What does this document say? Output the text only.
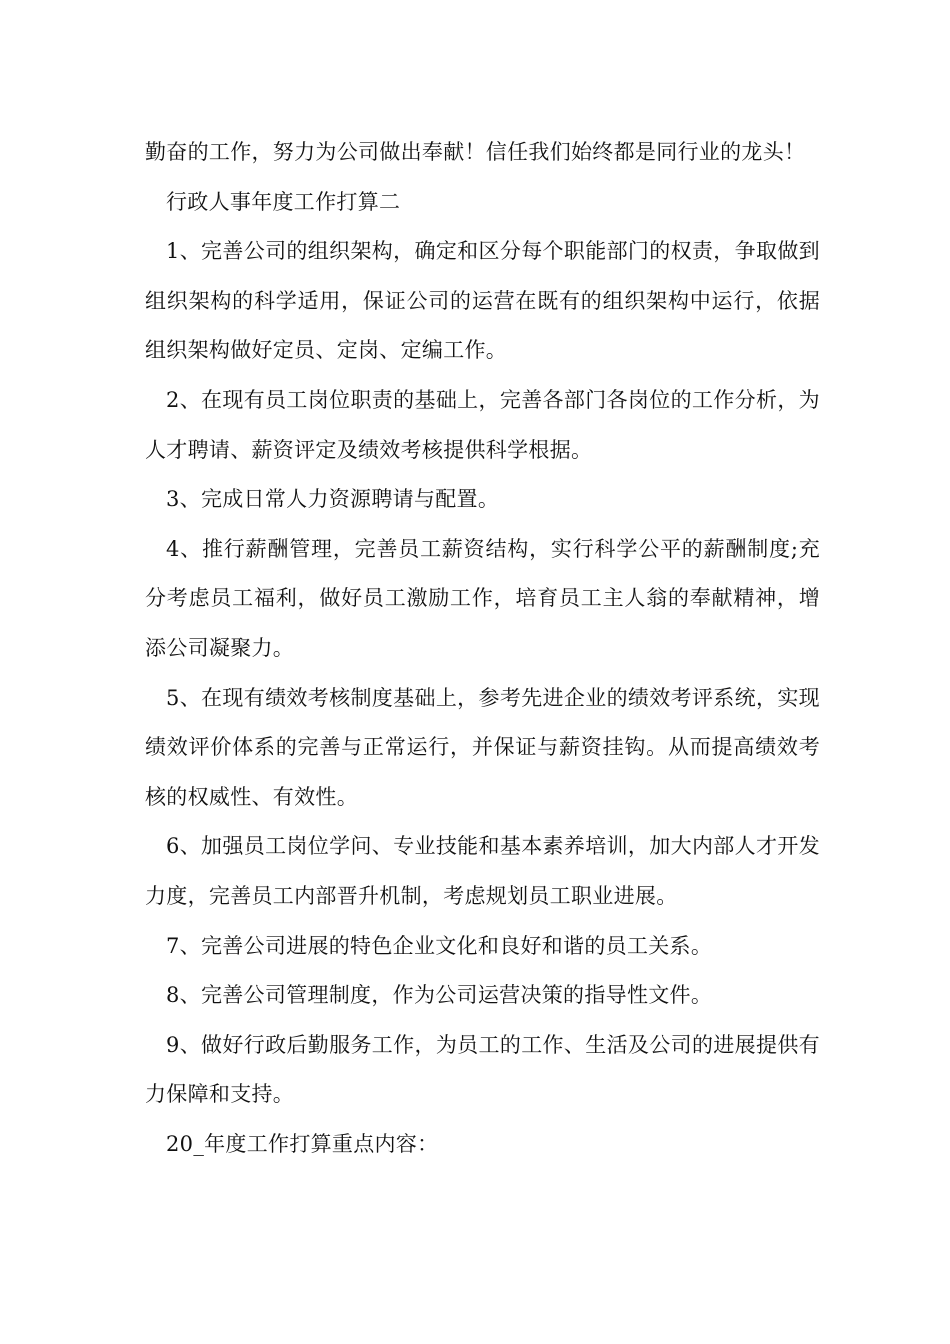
勤奋的工作，努力为公司做出奉献！信任我们始终都是同行业的龙头！

行政人事年度工作打算二

1、完善公司的组织架构，确定和区分每个职能部门的权责，争取做到组织架构的科学适用，保证公司的运营在既有的组织架构中运行，依据组织架构做好定员、定岗、定编工作。

2、在现有员工岗位职责的基础上，完善各部门各岗位的工作分析，为人才聘请、薪资评定及绩效考核提供科学根据。

3、完成日常人力资源聘请与配置。

4、推行薪酬管理，完善员工薪资结构，实行科学公平的薪酬制度;充分考虑员工福利，做好员工激励工作，培育员工主人翁的奉献精神，增添公司凝聚力。

5、在现有绩效考核制度基础上，参考先进企业的绩效考评系统，实现绩效评价体系的完善与正常运行，并保证与薪资挂钩。从而提高绩效考核的权威性、有效性。

6、加强员工岗位学问、专业技能和基本素养培训，加大内部人才开发力度，完善员工内部晋升机制，考虑规划员工职业进展。

7、完善公司进展的特色企业文化和良好和谐的员工关系。

8、完善公司管理制度，作为公司运营决策的指导性文件。

9、做好行政后勤服务工作，为员工的工作、生活及公司的进展提供有力保障和支持。

20_年度工作打算重点内容：
